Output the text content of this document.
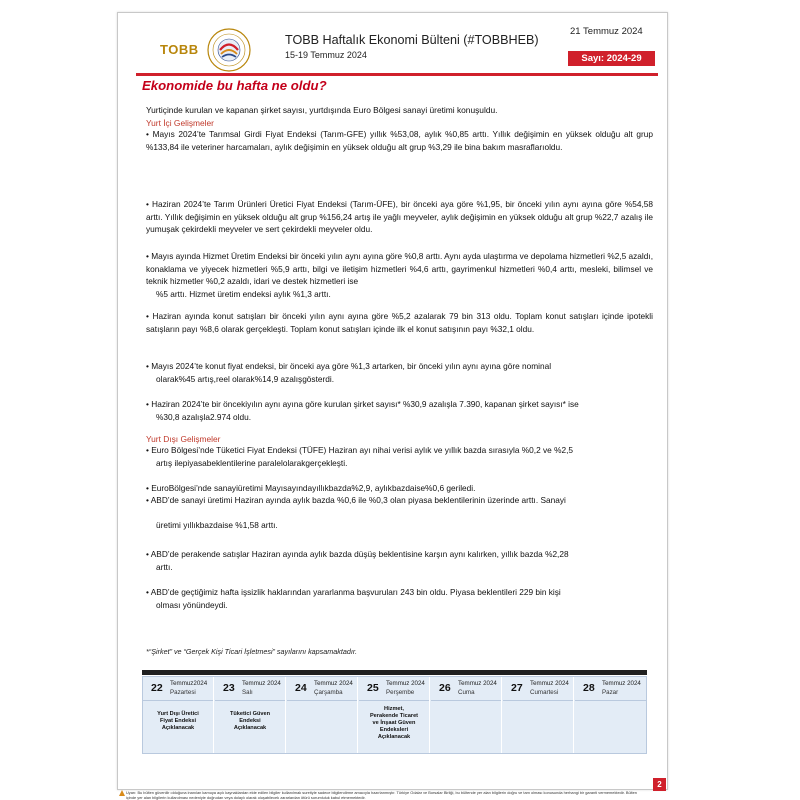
TOBB
TOBB Haftalık Ekonomi Bülteni (#TOBBHEB)
15-19 Temmuz 2024
21 Temmuz 2024
Sayı: 2024-29
Ekonomide bu hafta ne oldu?
Yurtiçinde kurulan ve kapanan şirket sayısı, yurtdışında Euro Bölgesi sanayi üretimi konuşuldu.
Yurt İçi Gelişmeler
• Mayıs 2024’te Tarımsal Girdi Fiyat Endeksi (Tarım-GFE) yıllık %53,08, aylık %0,85 arttı. Yıllık değişimin en yüksek olduğu alt grup %133,84 ile veteriner harcamaları, aylık değişimin en yüksek olduğu alt grup %3,29 ile bina bakım masraflarıoldu.
• Haziran 2024’te Tarım Ürünleri Üretici Fiyat Endeksi (Tarım-ÜFE), bir önceki aya göre %1,95, bir önceki yılın aynı ayına göre %54,58 arttı. Yıllık değişimin en yüksek olduğu alt grup %156,24 artış ile yağlı meyveler, aylık değişimin en yüksek olduğu alt grup %22,7 azalış ile yumuşak çekirdekli meyveler ve sert çekirdekli meyveler oldu.
• Mayıs ayında Hizmet Üretim Endeksi bir önceki yılın aynı ayına göre %0,8 arttı. Aynı ayda ulaştırma ve depolama hizmetleri %2,5 azaldı, konaklama ve yiyecek hizmetleri %5,9 arttı, bilgi ve iletişim hizmetleri %4,6 arttı, gayrimenkul hizmetleri %0,4 arttı, mesleki, bilimsel ve teknik hizmetler %0,2 azaldı, idari ve destek hizmetleri ise
%5 arttı. Hizmet üretim endeksi aylık %1,3 arttı.
• Haziran ayında konut satışları bir önceki yılın aynı ayına göre %5,2 azalarak 79 bin 313 oldu. Toplam konut satışları içinde ipotekli satışların payı %8,6 olarak gerçekleşti. Toplam konut satışları içinde ilk el konut satışının payı %32,1 oldu.
• Mayıs 2024’te konut fiyat endeksi, bir önceki aya göre %1,3 artarken, bir önceki yılın aynı ayına göre nominal
olarak%45 artış,reel olarak%14,9 azalışgösterdi.
• Haziran 2024’te bir öncekiyılın aynı ayına göre kurulan şirket sayısı* %30,9 azalışla 7.390, kapanan şirket sayısı* ise
%30,8 azalışla2.974 oldu.
Yurt Dışı Gelişmeler
• Euro Bölgesi’nde Tüketici Fiyat Endeksi (TÜFE) Haziran ayı nihai verisi aylık ve yıllık bazda sırasıyla %0,2 ve %2,5
artış ilepiyasabeklentilerine paralelolarakgerçekleşti.
• EuroBölgesi’nde sanayiüretimi Mayısayındayıllıkbazda%2,9, aylıkbazdaise%0,6 geriledi.
• ABD’de sanayi üretimi Haziran ayında aylık bazda %0,6 ile %0,3 olan piyasa beklentilerinin üzerinde arttı. Sanayi
üretimi yıllıkbazdaise %1,58 arttı.
• ABD’de perakende satışlar Haziran ayında aylık bazda düşüş beklentisine karşın aynı kalırken, yıllık bazda %2,28
arttı.
• ABD’de geçtiğimiz hafta işsizlik haklarından yararlanma başvuruları 243 bin oldu. Piyasa beklentileri 229 bin kişi
olması yönündeydi.
*“Şirket” ve “Gerçek Kişi Ticari İşletmesi” sayılarını kapsamaktadır.
22 Temmuz2024
Pazartesi
Yurt Dışı Üretici
Fiyat Endeksi
Açıklanacak
23 Temmuz 2024
Salı
Tüketici Güven
Endeksi
Açıklanacak
24 Temmuz 2024
Çarşamba 25 Temmuz 2024
Perşembe
Hizmet,
Perakende Ticaret
ve İnşaat Güven
Endeksleri
Açıklanacak
26 Temmuz 2024
Cuma	27 Temmuz 2024
Cumartesi 28 Temmuz 2024
Pazar
Uyarı: Bu bülten güvenilir olduğuna inanılan kamuya açık kaynaklardan elde edilen bilgiler kullanılmak suretiyle sadece bilgilendirme amacıyla hazırlanmıştır. Türkiye Odalar ve Borsalar Birliği, bu bültende yer alan bilgilerin doğru ve tam olması konusunda herhangi bir garanti vermemektedir. Bülten içinde yer alan bilgilerin kullanılması nedeniyle doğrudan veya dolaylı olarak oluşabilecek zararlardan ötürü sorumluluk kabul etmemektedir.
2
